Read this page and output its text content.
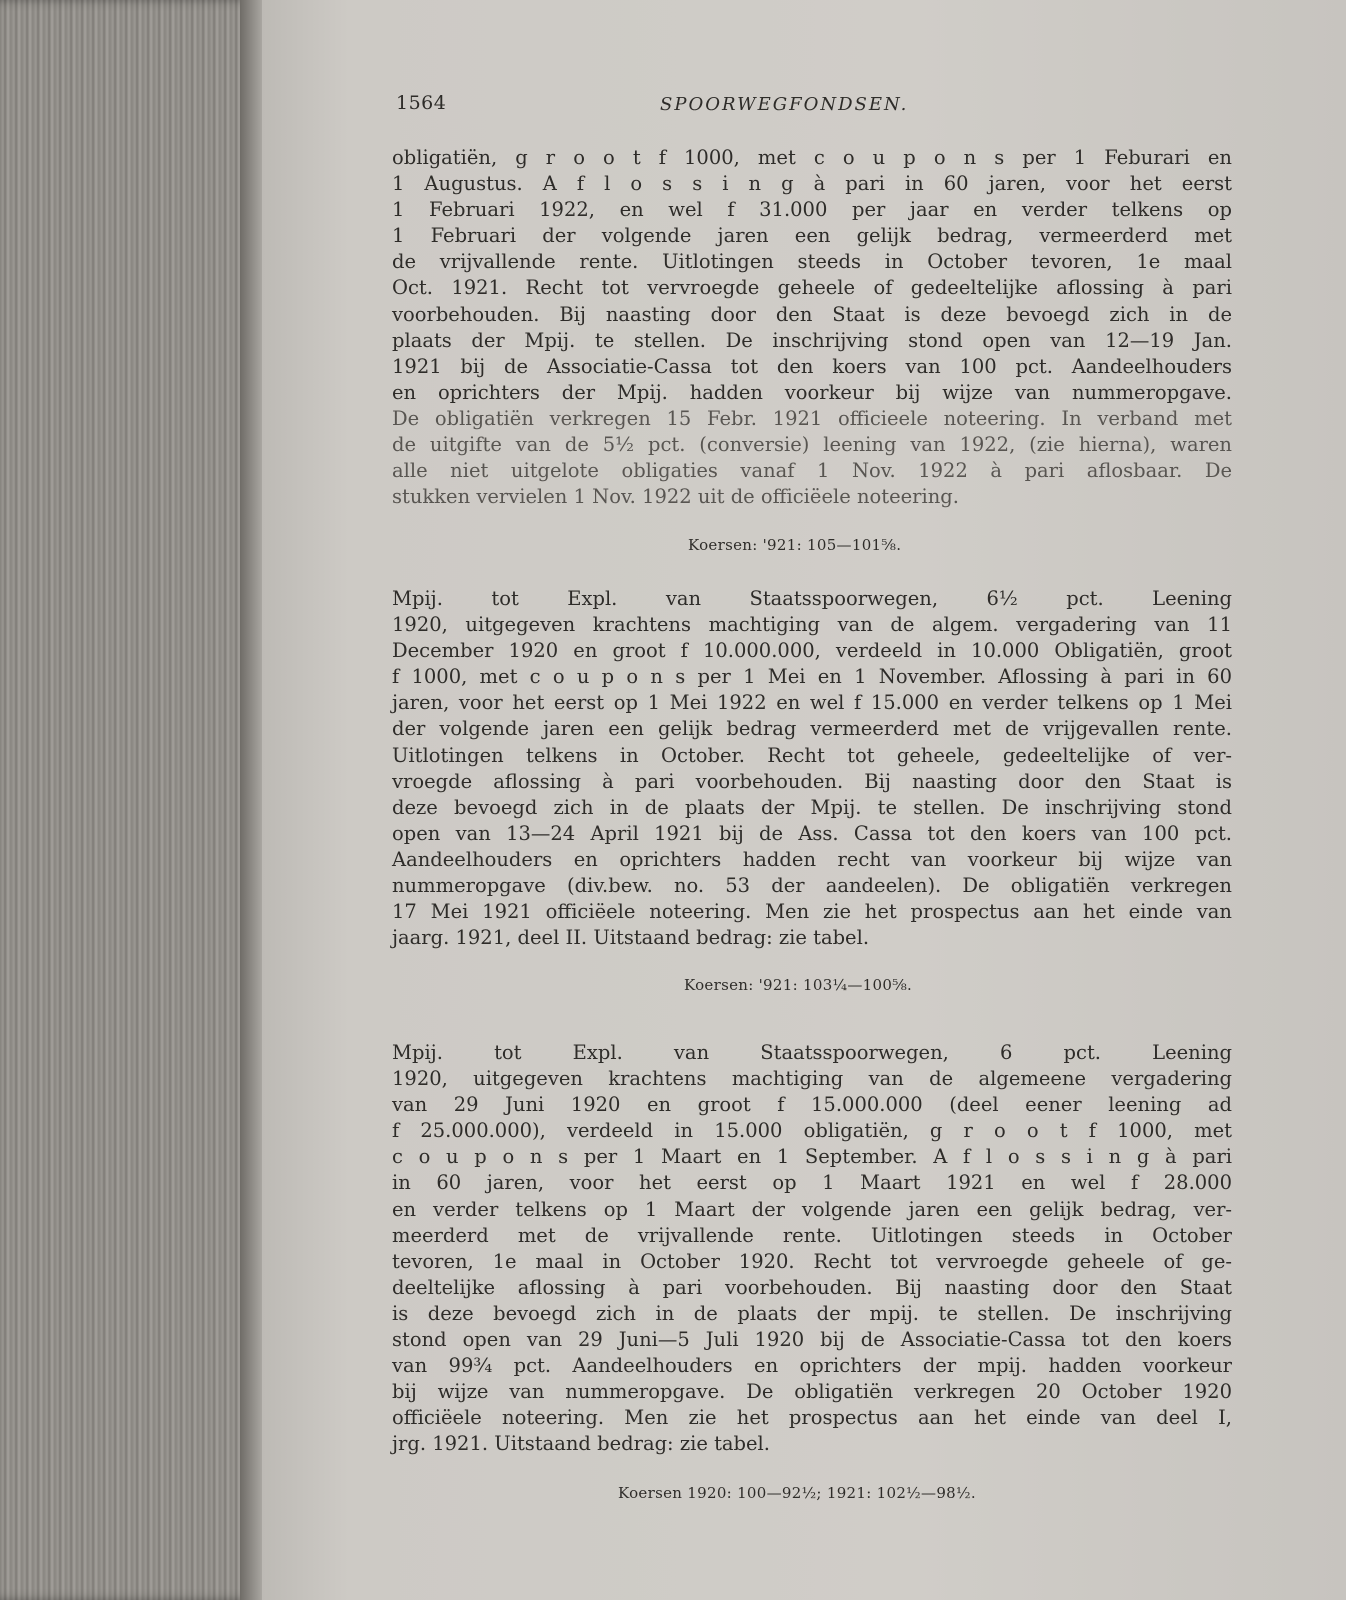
1564	SPOORWEGFONDSEN.
obligatiën, g r o o t f 1000, met c o u p o n s per 1 Feburari en
1 Augustus. A f l o s s i n g à pari in 60 jaren, voor het eerst
1 Februari 1922, en wel f 31.000 per jaar en verder telkens op
1 Februari der volgende jaren een gelijk bedrag, vermeerderd met
de vrijvallende rente. Uitlotingen steeds in October tevoren, 1e maal
Oct. 1921. Recht tot vervroegde geheele of gedeeltelijke aflossing à pari
voorbehouden. Bij naasting door den Staat is deze bevoegd zich in de
plaats der Mpij. te stellen. De inschrijving stond open van 12—19 Jan.
1921 bij de Associatie-Cassa tot den koers van 100 pct. Aandeelhouders
en oprichters der Mpij. hadden voorkeur bij wijze van nummeropgave.
De obligatiën verkregen 15 Febr. 1921 officieele noteering. In verband met
de uitgifte van de 5½ pct. (conversie) leening van 1922, (zie hierna), waren
alle niet uitgelote obligaties vanaf 1 Nov. 1922 à pari aflosbaar. De
stukken vervielen 1 Nov. 1922 uit de officiëele noteering.
Koersen: '921: 105—101⅝.
Mpij. tot Expl. van Staatsspoorwegen, 6½ pct. Leening
1920, uitgegeven krachtens machtiging van de algem. vergadering van 11
December 1920 en groot f 10.000.000, verdeeld in 10.000 Obligatiën, groot
f 1000, met c o u p o n s per 1 Mei en 1 November. Aflossing à pari in 60
jaren, voor het eerst op 1 Mei 1922 en wel f 15.000 en verder telkens op 1 Mei
der volgende jaren een gelijk bedrag vermeerderd met de vrijgevallen rente.
Uitlotingen telkens in October. Recht tot geheele, gedeeltelijke of ver-
vroegde aflossing à pari voorbehouden. Bij naasting door den Staat is
deze bevoegd zich in de plaats der Mpij. te stellen. De inschrijving stond
open van 13—24 April 1921 bij de Ass. Cassa tot den koers van 100 pct.
Aandeelhouders en oprichters hadden recht van voorkeur bij wijze van
nummeropgave (div.bew. no. 53 der aandeelen). De obligatiën verkregen
17 Mei 1921 officiëele noteering. Men zie het prospectus aan het einde van
jaarg. 1921, deel II. Uitstaand bedrag: zie tabel.
Koersen: '921: 103¼—100⅝.
Mpij. tot Expl. van Staatsspoorwegen, 6 pct. Leening
1920, uitgegeven krachtens machtiging van de algemeene vergadering
van 29 Juni 1920 en groot f 15.000.000 (deel eener leening ad
f 25.000.000), verdeeld in 15.000 obligatiën, g r o o t f 1000, met
c o u p o n s per 1 Maart en 1 September. A f l o s s i n g à pari
in 60 jaren, voor het eerst op 1 Maart 1921 en wel f 28.000
en verder telkens op 1 Maart der volgende jaren een gelijk bedrag, ver-
meerderd met de vrijvallende rente. Uitlotingen steeds in October
tevoren, 1e maal in October 1920. Recht tot vervroegde geheele of ge-
deeltelijke aflossing à pari voorbehouden. Bij naasting door den Staat
is deze bevoegd zich in de plaats der mpij. te stellen. De inschrijving
stond open van 29 Juni—5 Juli 1920 bij de Associatie-Cassa tot den koers
van 99¾ pct. Aandeelhouders en oprichters der mpij. hadden voorkeur
bij wijze van nummeropgave. De obligatiën verkregen 20 October 1920
officiëele noteering. Men zie het prospectus aan het einde van deel I,
jrg. 1921. Uitstaand bedrag: zie tabel.
Koersen 1920: 100—92½; 1921: 102½—98½.
